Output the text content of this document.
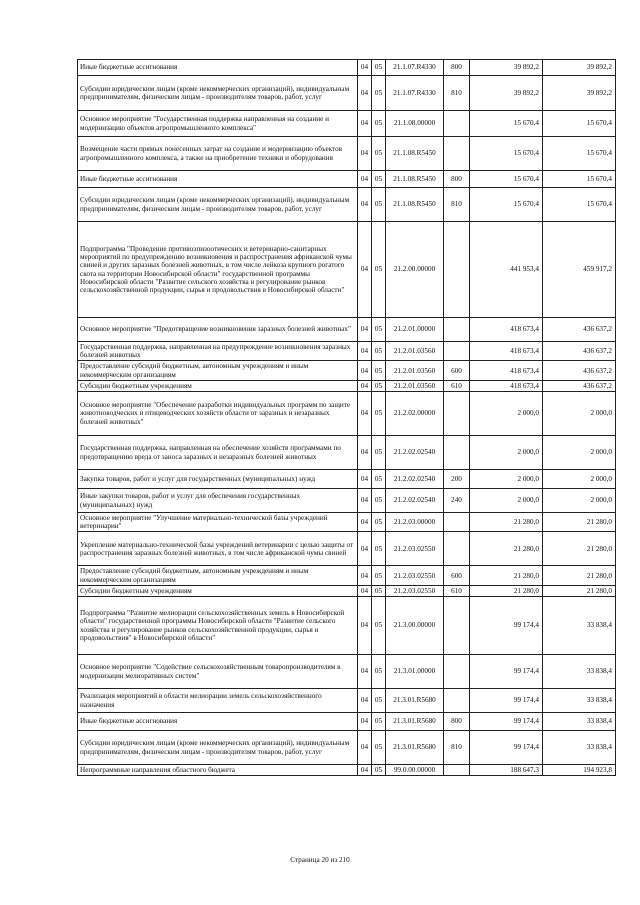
Иные бюджетные ассигнования	04	05	21.1.07.R4330	800	39 892,2	39 892,2
Субсидии юридическим лицам (кроме некоммерческих организаций), индивидуальным предпринимателям, физическим лицам - производителям товаров, работ, услуг	04	05	21.1.07.R4330	810	39 892,2	39 892,2
Основное мероприятие "Государственная поддержка направленная на создание и модернизацию объектов агропромышленного комплекса"	04	05	21.1.08.00000		15 670,4	15 670,4
Возмещение части прямых понесенных затрат на создание и модернизацию объектов агропромышленного комплекса, а также на приобретение техники и оборудования	04	05	21.1.08.R5450		15 670,4	15 670,4
Иные бюджетные ассигнования	04	05	21.1.08.R5450	800	15 670,4	15 670,4
Субсидии юридическим лицам (кроме некоммерческих организаций), индивидуальным предпринимателям, физическим лицам - производителям товаров, работ, услуг	04	05	21.1.08.R5450	810	15 670,4	15 670,4
Подпрограмма "Проведение противоэпизоотических и ветеринарно-санитарных мероприятий по предупреждению возникновения и распространения африканской чумы свиней и других заразных болезней животных, в том числе лейкоза крупного рогатого скота на территории Новосибирской области" государственной программы Новосибирской области "Развитие сельского хозяйства и регулирование рынков сельскохозяйственной продукции, сырья и продовольствия в Новосибирской области"	04	05	21.2.00.00000		441 953,4	459 917,2
Основное мероприятие "Предотвращение возникновения заразных болезней животных"	04	05	21.2.01.00000		418 673,4	436 637,2
Государственная поддержка, направленная на предупреждение возникновения заразных болезней животных	04	05	21.2.01.03560		418 673,4	436 637,2
Предоставление субсидий бюджетным, автономным учреждениям и иным некоммерческим организациям	04	05	21.2.01.03560	600	418 673,4	436 637,2
Субсидии бюджетным учреждениям	04	05	21.2.01.03560	610	418 673,4	436 637,2
Основное мероприятие "Обеспечение разработки индивидуальных программ по защите животноводческих и птицеводческих хозяйств области от заразных и незаразных болезней животных"	04	05	21.2.02.00000		2 000,0	2 000,0
Государственная поддержка, направленная на обеспечение хозяйств программами по предотвращению вреда от заноса заразных и незаразных болезней животных	04	05	21.2.02.02540		2 000,0	2 000,0
Закупка товаров, работ и услуг для государственных (муниципальных) нужд	04	05	21.2.02.02540	200	2 000,0	2 000,0
Иные закупки товаров, работ и услуг для обеспечения государственных (муниципальных) нужд	04	05	21.2.02.02540	240	2 000,0	2 000,0
Основное мероприятие "Улучшение материально-технической базы учреждений ветеринарии"	04	05	21.2.03.00000		21 280,0	21 280,0
Укрепление материально-технической базы учреждений ветеринарии с целью защиты от распространения заразных болезней животных, в том числе африканской чумы свиней	04	05	21.2.03.02550		21 280,0	21 280,0
Предоставление субсидий бюджетным, автономным учреждениям и иным некоммерческим организациям	04	05	21.2.03.02550	600	21 280,0	21 280,0
Субсидии бюджетным учреждениям	04	05	21.2.03.02550	610	21 280,0	21 280,0
Подпрограмма "Развитие мелиорации сельскохозяйственных земель в Новосибирской области" государственной программы Новосибирской области "Развитие сельского хозяйства и регулирование рынков сельскохозяйственной продукции, сырья и продовольствия" в Новосибирской области"	04	05	21.3.00.00000		99 174,4	33 838,4
Основное мероприятие "Содействие сельскохозяйственным товаропроизводителям в модернизации мелиоративных систем"	04	05	21.3.01.00000		99 174,4	33 838,4
Реализация мероприятий в области мелиорации земель сельскохозяйственного назначения	04	05	21.3.01.R5680		99 174,4	33 838,4
Иные бюджетные ассигнования	04	05	21.3.01.R5680	800	99 174,4	33 838,4
Субсидии юридическим лицам (кроме некоммерческих организаций), индивидуальным предпринимателям, физическим лицам - производителям товаров, работ, услуг	04	05	21.3.01.R5680	810	99 174,4	33 838,4
Непрограммные направления областного бюджета	04	05	99.0.00.00000		188 647,3	194 923,8
Страница 20 из 210
